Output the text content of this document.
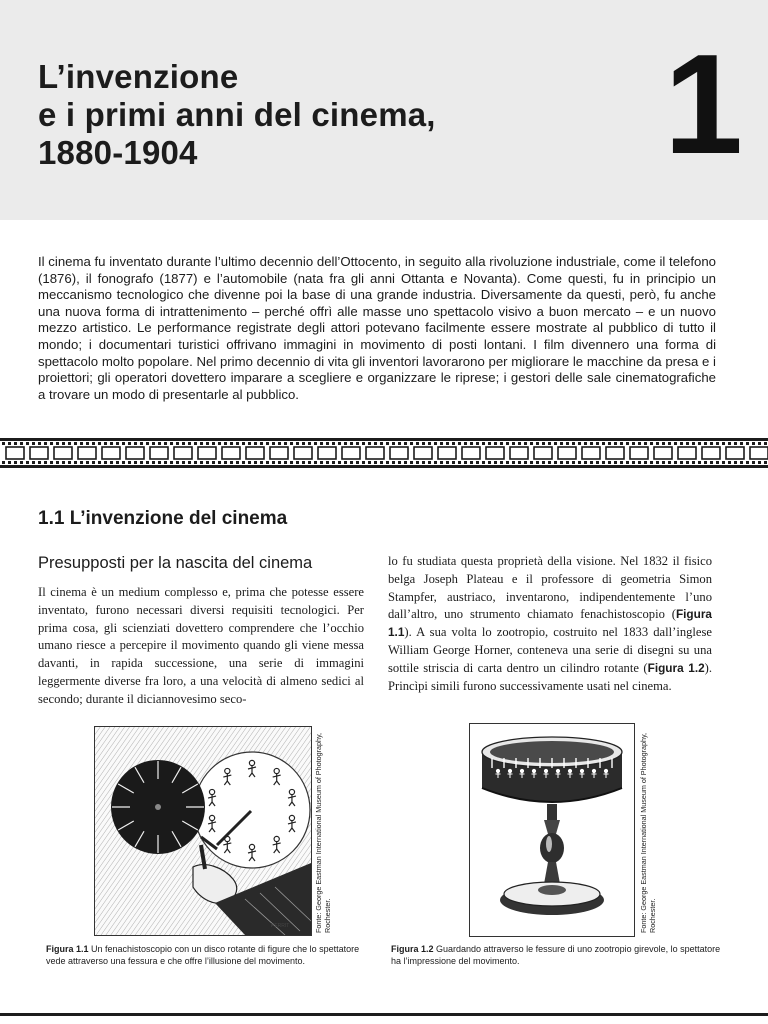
L’invenzione
e i primi anni del cinema,
1880-1904	1

Il cinema fu inventato durante l’ultimo decennio dell’Ottocento, in seguito alla rivoluzione industriale, come il telefono (1876), il fonografo (1877) e l’automobile (nata fra gli anni Ottanta e Novanta). Come questi, fu in principio un meccanismo tecnologico che divenne poi la base di una grande industria. Diversamente da questi, però, fu anche una nuova forma di intrattenimento – perché offrì alle masse uno spettacolo visivo a buon mercato – e un nuovo mezzo artistico. Le performance registrate degli attori potevano facilmente essere mostrate al pubblico di tutto il mondo; i documentari turistici offrivano immagini in movimento di posti lontani. I film divennero una forma di spettacolo molto popolare. Nel primo decennio di vita gli inventori lavorarono per migliorare le macchine da presa e i proiettori; gli operatori dovettero imparare a scegliere e organizzare le riprese; i gestori delle sale cinematografiche a trovare un modo di presentarle al pubblico.

1.1 L’invenzione del cinema
Presupposti per la nascita del cinema

Il cinema è un medium complesso e, prima che potesse essere inventato, furono necessari diversi requisiti tecnologici. Per prima cosa, gli scienziati dovettero comprendere che l’occhio umano riesce a percepire il movimento quando gli viene messa davanti, in rapida successione, una serie di immagini leggermente diverse fra loro, a una velocità di almeno sedici al secondo; durante il diciannovesimo seco-

lo fu studiata questa proprietà della visione. Nel 1832 il fisico belga Joseph Plateau e il professore di geometria Simon Stampfer, austriaco, inventarono, indipendentemente l’uno dall’altro, uno strumento chiamato fenachistoscopio (Figura 1.1). A sua volta lo zootropio, costruito nel 1833 dall’inglese William George Horner, conteneva una serie di disegni su una sottile striscia di carta dentro un cilindro rotante (Figura 1.2). Princìpi simili furono successivamente usati nel cinema.

PERRIT	Fonte: George Eastman International Museum of Photography, Rochester.

Figura 1.1 Un fenachistoscopio con un disco rotante di figure che lo spettatore vede attraverso una fessura e che offre l’illusione del movimento.

Fonte: George Eastman International Museum of Photography, Rochester.

Figura 1.2 Guardando attraverso le fessure di uno zootropio girevole, lo spettatore ha l’impressione del movimento.
